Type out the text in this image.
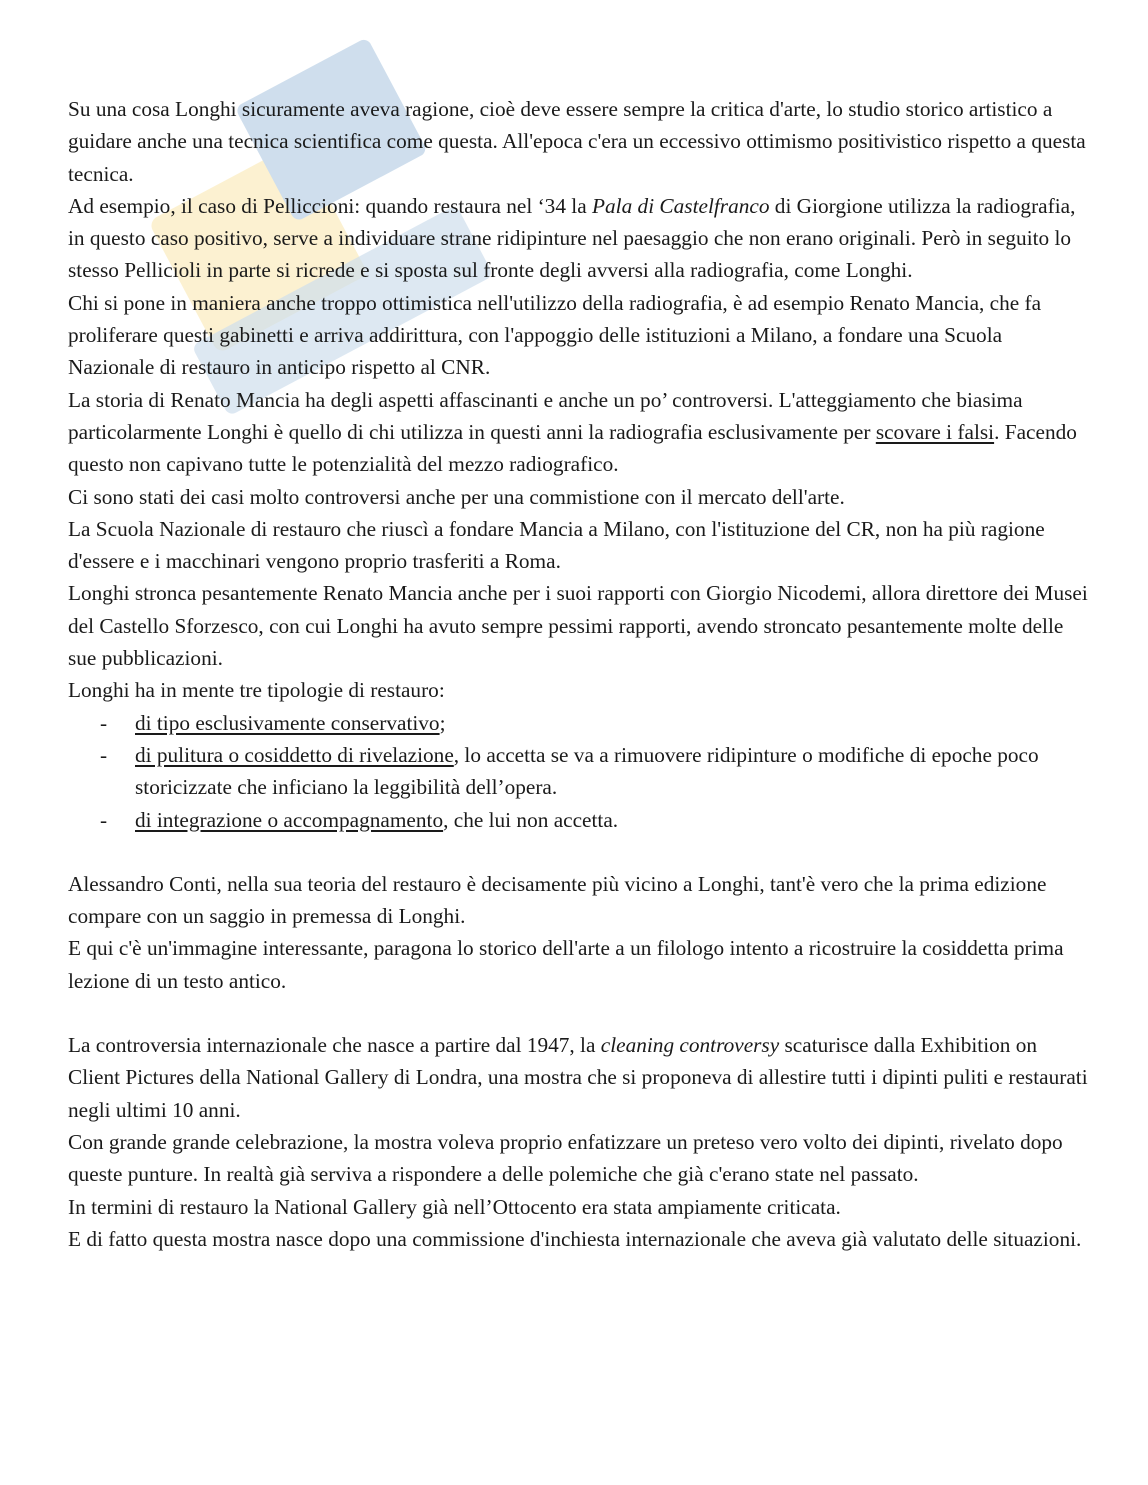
Su una cosa Longhi sicuramente aveva ragione, cioè deve essere sempre la critica d'arte, lo studio storico artistico a guidare anche una tecnica scientifica come questa. All'epoca c'era un eccessivo ottimismo positivistico rispetto a questa tecnica.

Ad esempio, il caso di Pelliccioni: quando restaura nel ‘34 la Pala di Castelfranco di Giorgione utilizza la radiografia, in questo caso positivo, serve a individuare strane ridipinture nel paesaggio che non erano originali. Però in seguito lo stesso Pellicioli in parte si ricrede e si sposta sul fronte degli avversi alla radiografia, come Longhi.

Chi si pone in maniera anche troppo ottimistica nell'utilizzo della radiografia, è ad esempio Renato Mancia, che fa proliferare questi gabinetti e arriva addirittura, con l'appoggio delle istituzioni a Milano, a fondare una Scuola Nazionale di restauro in anticipo rispetto al CNR.

La storia di Renato Mancia ha degli aspetti affascinanti e anche un po’ controversi. L'atteggiamento che biasima particolarmente Longhi è quello di chi utilizza in questi anni la radiografia esclusivamente per scovare i falsi. Facendo questo non capivano tutte le potenzialità del mezzo radiografico.

Ci sono stati dei casi molto controversi anche per una commistione con il mercato dell'arte.

La Scuola Nazionale di restauro che riuscì a fondare Mancia a Milano, con l'istituzione del CR, non ha più ragione d'essere e i macchinari vengono proprio trasferiti a Roma.

Longhi stronca pesantemente Renato Mancia anche per i suoi rapporti con Giorgio Nicodemi, allora direttore dei Musei del Castello Sforzesco, con cui Longhi ha avuto sempre pessimi rapporti, avendo stroncato pesantemente molte delle sue pubblicazioni.

Longhi ha in mente tre tipologie di restauro:

- di tipo esclusivamente conservativo;
- di pulitura o cosiddetto di rivelazione, lo accetta se va a rimuovere ridipinture o modifiche di epoche poco storicizzate che inficiano la leggibilità dell’opera.
- di integrazione o accompagnamento, che lui non accetta.

Alessandro Conti, nella sua teoria del restauro è decisamente più vicino a Longhi, tant'è vero che la prima edizione compare con un saggio in premessa di Longhi.

E qui c'è un'immagine interessante, paragona lo storico dell'arte a un filologo intento a ricostruire la cosiddetta prima lezione di un testo antico.

La controversia internazionale che nasce a partire dal 1947, la cleaning controversy scaturisce dalla Exhibition on Client Pictures della National Gallery di Londra, una mostra che si proponeva di allestire tutti i dipinti puliti e restaurati negli ultimi 10 anni.

Con grande grande celebrazione, la mostra voleva proprio enfatizzare un preteso vero volto dei dipinti, rivelato dopo queste punture. In realtà già serviva a rispondere a delle polemiche che già c'erano state nel passato.

In termini di restauro la National Gallery già nell’Ottocento era stata ampiamente criticata.

E di fatto questa mostra nasce dopo una commissione d'inchiesta internazionale che aveva già valutato delle situazioni.
